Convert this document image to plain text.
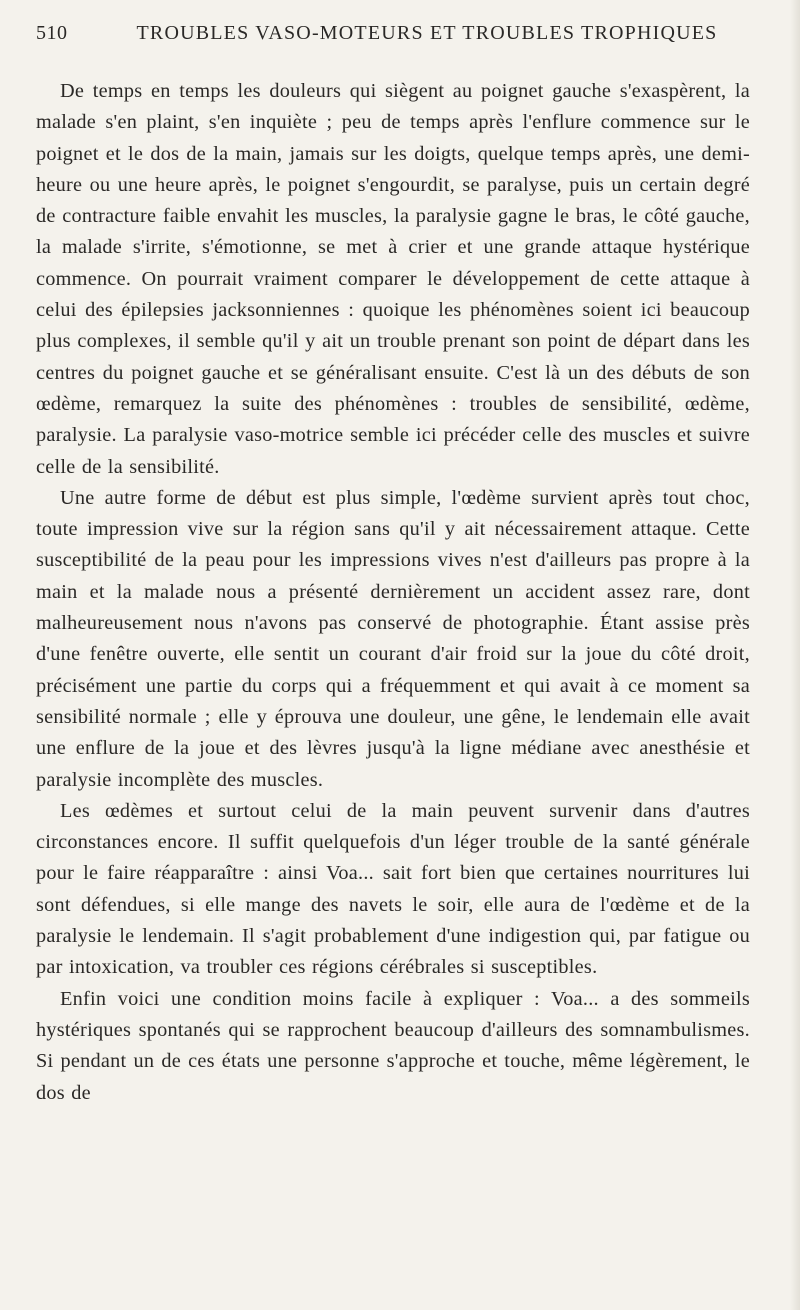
510	TROUBLES VASO-MOTEURS ET TROUBLES TROPHIQUES

De temps en temps les douleurs qui siègent au poignet gauche s'exaspèrent, la malade s'en plaint, s'en inquiète ; peu de temps après l'enflure commence sur le poignet et le dos de la main, jamais sur les doigts, quelque temps après, une demi-heure ou une heure après, le poignet s'engourdit, se paralyse, puis un certain degré de contracture faible envahit les muscles, la paralysie gagne le bras, le côté gauche, la malade s'irrite, s'émotionne, se met à crier et une grande attaque hystérique commence. On pourrait vraiment comparer le développement de cette attaque à celui des épilepsies jacksonniennes : quoique les phénomènes soient ici beaucoup plus complexes, il semble qu'il y ait un trouble prenant son point de départ dans les centres du poignet gauche et se généralisant ensuite. C'est là un des débuts de son œdème, remarquez la suite des phénomènes : troubles de sensibilité, œdème, paralysie. La paralysie vaso-motrice semble ici précéder celle des muscles et suivre celle de la sensibilité.

Une autre forme de début est plus simple, l'œdème survient après tout choc, toute impression vive sur la région sans qu'il y ait nécessairement attaque. Cette susceptibilité de la peau pour les impressions vives n'est d'ailleurs pas propre à la main et la malade nous a présenté dernièrement un accident assez rare, dont malheureusement nous n'avons pas conservé de photographie. Étant assise près d'une fenêtre ouverte, elle sentit un courant d'air froid sur la joue du côté droit, précisément une partie du corps qui a fréquemment et qui avait à ce moment sa sensibilité normale ; elle y éprouva une douleur, une gêne, le lendemain elle avait une enflure de la joue et des lèvres jusqu'à la ligne médiane avec anesthésie et paralysie incomplète des muscles.

Les œdèmes et surtout celui de la main peuvent survenir dans d'autres circonstances encore. Il suffit quelquefois d'un léger trouble de la santé générale pour le faire réapparaître : ainsi Voa... sait fort bien que certaines nourritures lui sont défendues, si elle mange des navets le soir, elle aura de l'œdème et de la paralysie le lendemain. Il s'agit probablement d'une indigestion qui, par fatigue ou par intoxication, va troubler ces régions cérébrales si susceptibles.

Enfin voici une condition moins facile à expliquer : Voa... a des sommeils hystériques spontanés qui se rapprochent beaucoup d'ailleurs des somnambulismes. Si pendant un de ces états une personne s'approche et touche, même légèrement, le dos de
